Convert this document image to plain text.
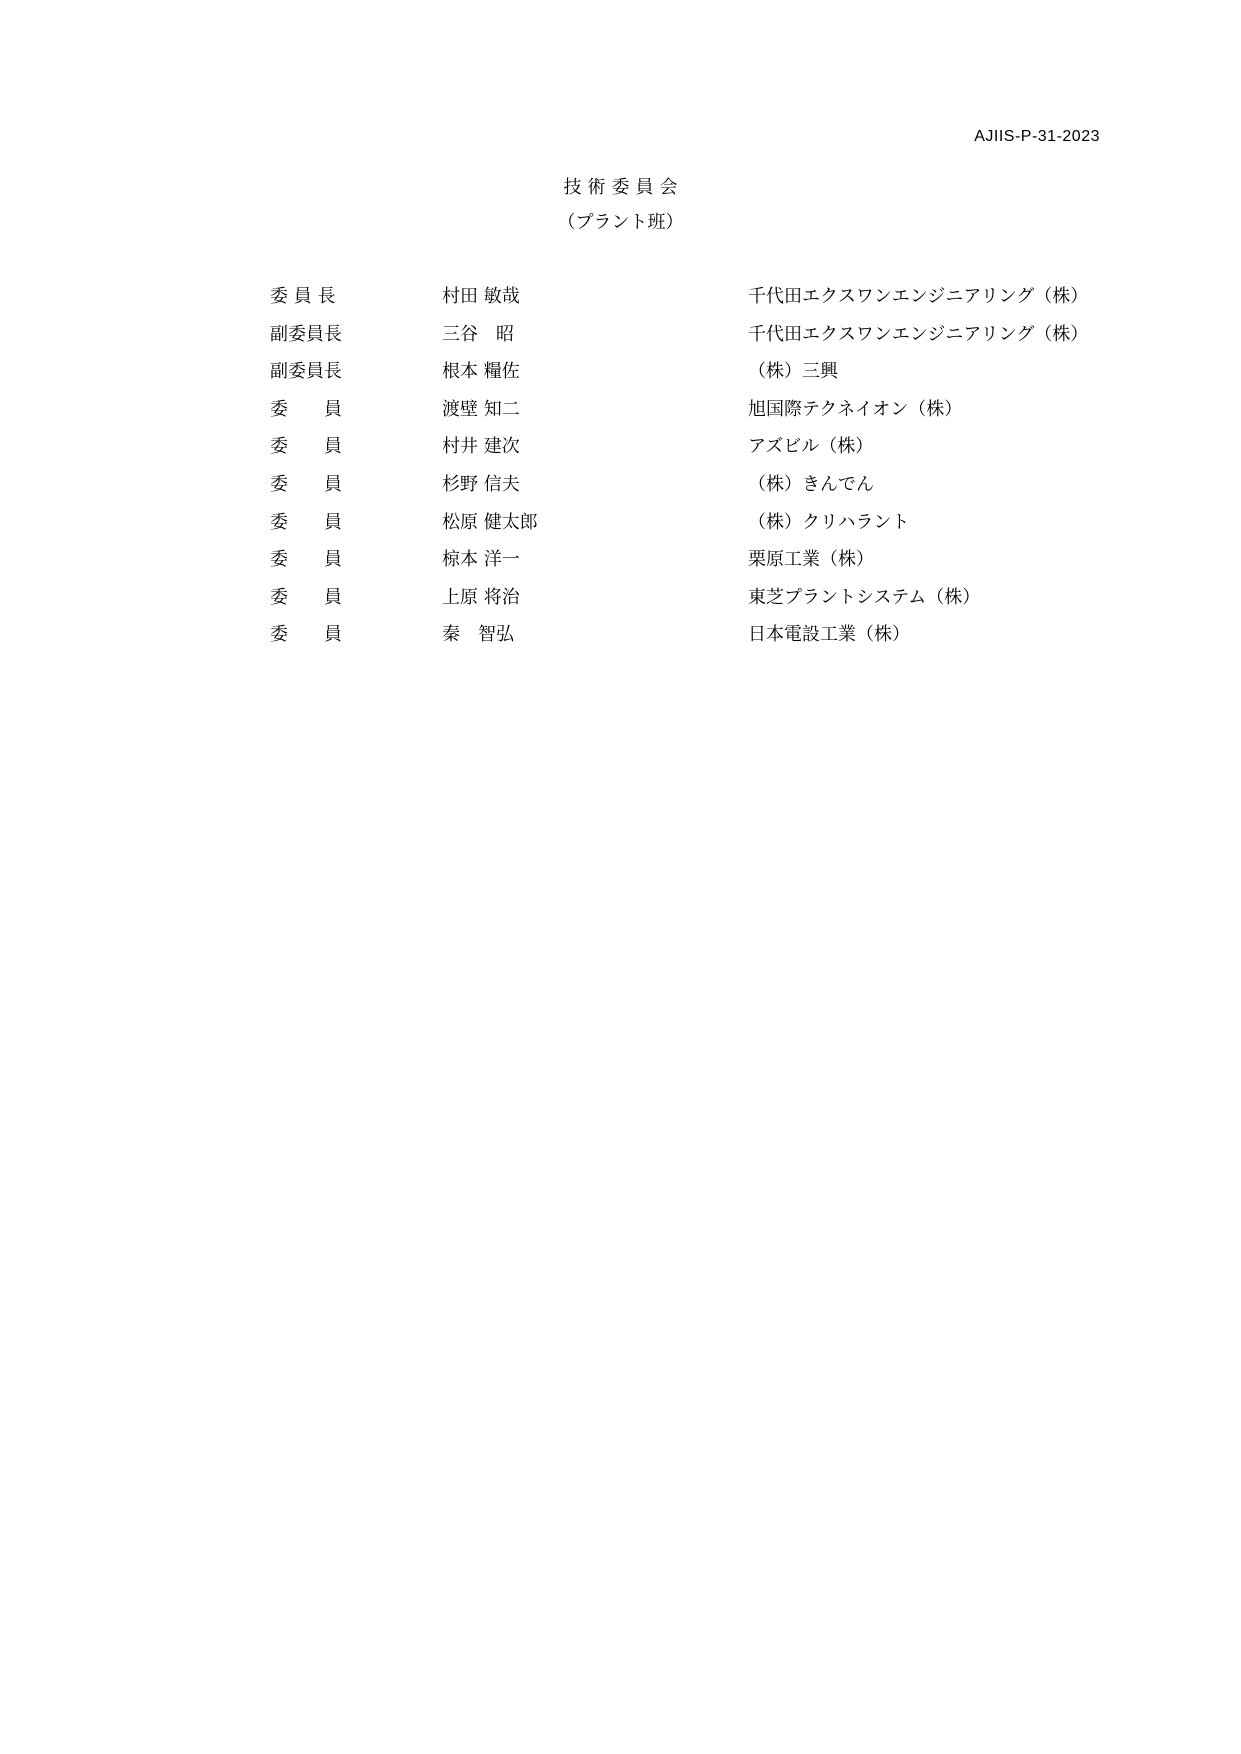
AJIIS-P-31-2023
技術委員会
（プラント班）
委 員 長	村田 敏哉	千代田エクスワンエンジニアリング（株）
副委員長	三谷　昭	千代田エクスワンエンジニアリング（株）
副委員長	根本 糧佐	（株）三興
委　　員	渡壁 知二	旭国際テクネイオン（株）
委　　員	村井 建次	アズビル（株）
委　　員	杉野 信夫	（株）きんでん
委　　員	松原 健太郎	（株）クリハラント
委　　員	椋本 洋一	栗原工業（株）
委　　員	上原 将治	東芝プラントシステム（株）
委　　員	秦　智弘	日本電設工業（株）
